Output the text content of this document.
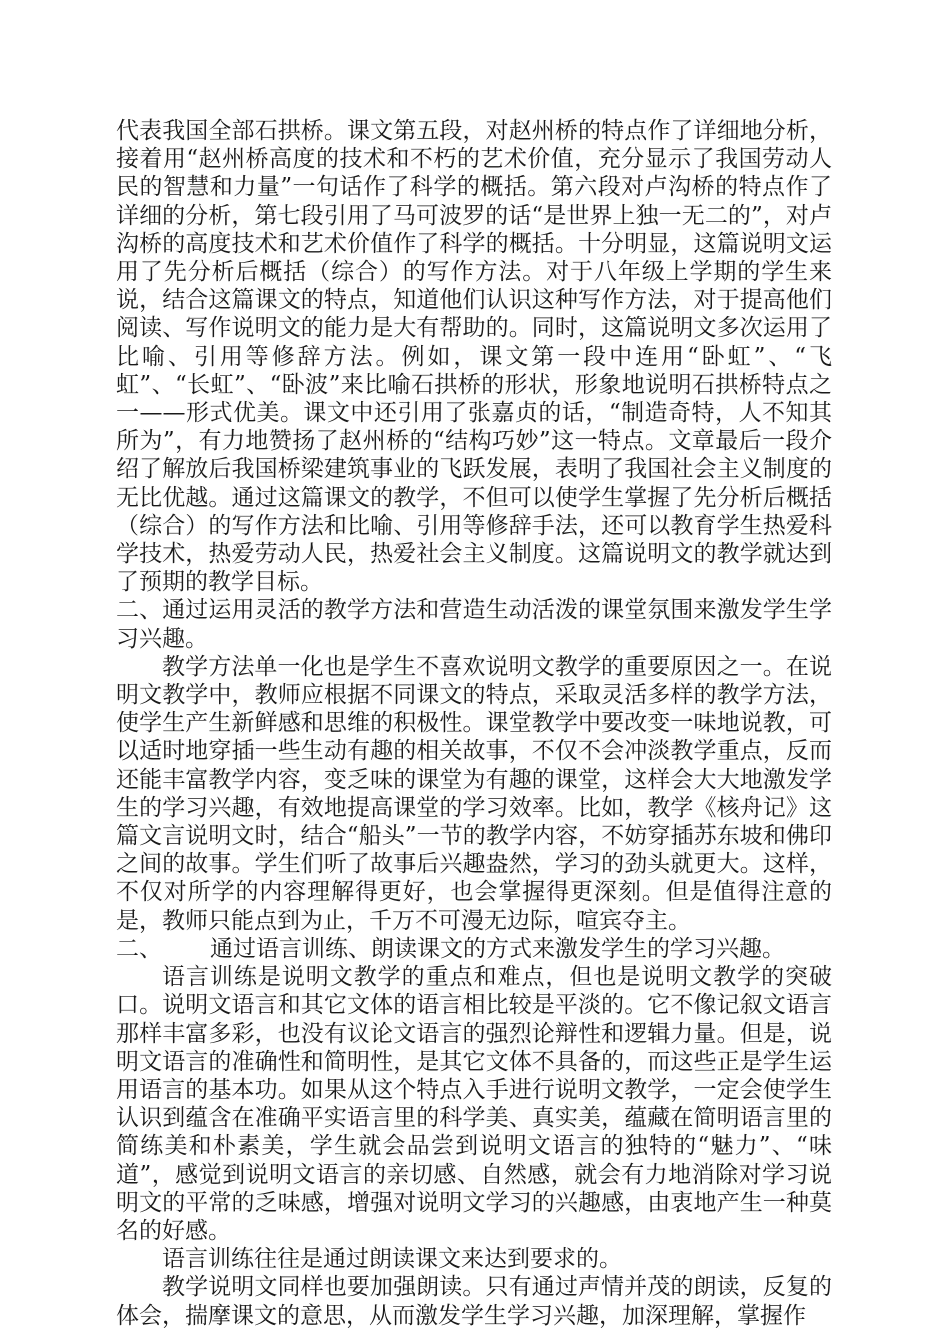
代表我国全部石拱桥。课文第五段，对赵州桥的特点作了详细地分析，接着用“赵州桥高度的技术和不朽的艺术价值，充分显示了我国劳动人民的智慧和力量”一句话作了科学的概括。第六段对卢沟桥的特点作了详细的分析，第七段引用了马可波罗的话“是世界上独一无二的”，对卢沟桥的高度技术和艺术价值作了科学的概括。十分明显，这篇说明文运用了先分析后概括（综合）的写作方法。对于八年级上学期的学生来说，结合这篇课文的特点，知道他们认识这种写作方法，对于提高他们阅读、写作说明文的能力是大有帮助的。同时，这篇说明文多次运用了比喻、引用等修辞方法。例如，课文第一段中连用“卧虹”、“飞虹”、“长虹”、“卧波”来比喻石拱桥的形状，形象地说明石拱桥特点之一——形式优美。课文中还引用了张嘉贞的话，“制造奇特，人不知其所为”，有力地赞扬了赵州桥的“结构巧妙”这一特点。文章最后一段介绍了解放后我国桥梁建筑事业的飞跃发展，表明了我国社会主义制度的无比优越。通过这篇课文的教学，不但可以使学生掌握了先分析后概括（综合）的写作方法和比喻、引用等修辞手法，还可以教育学生热爱科学技术，热爱劳动人民，热爱社会主义制度。这篇说明文的教学就达到了预期的教学目标。

二、通过运用灵活的教学方法和营造生动活泼的课堂氛围来激发学生学习兴趣。

教学方法单一化也是学生不喜欢说明文教学的重要原因之一。在说明文教学中，教师应根据不同课文的特点，采取灵活多样的教学方法，使学生产生新鲜感和思维的积极性。课堂教学中要改变一味地说教，可以适时地穿插一些生动有趣的相关故事，不仅不会冲淡教学重点，反而还能丰富教学内容，变乏味的课堂为有趣的课堂，这样会大大地激发学生的学习兴趣，有效地提高课堂的学习效率。比如，教学《核舟记》这篇文言说明文时，结合“船头”一节的教学内容，不妨穿插苏东坡和佛印之间的故事。学生们听了故事后兴趣盎然，学习的劲头就更大。这样，不仅对所学的内容理解得更好，也会掌握得更深刻。但是值得注意的是，教师只能点到为止，千万不可漫无边际，喧宾夺主。

二、 通过语言训练、朗读课文的方式来激发学生的学习兴趣。

语言训练是说明文教学的重点和难点，但也是说明文教学的突破口。说明文语言和其它文体的语言相比较是平淡的。它不像记叙文语言那样丰富多彩，也没有议论文语言的强烈论辩性和逻辑力量。但是，说明文语言的准确性和简明性，是其它文体不具备的，而这些正是学生运用语言的基本功。如果从这个特点入手进行说明文教学，一定会使学生认识到蕴含在准确平实语言里的科学美、真实美，蕴藏在简明语言里的简练美和朴素美，学生就会品尝到说明文语言的独特的“魅力”、“味道”，感觉到说明文语言的亲切感、自然感，就会有力地消除对学习说明文的平常的乏味感，增强对说明文学习的兴趣感，由衷地产生一种莫名的好感。

语言训练往往是通过朗读课文来达到要求的。

教学说明文同样也要加强朗读。只有通过声情并茂的朗读，反复的体会，揣摩课文的意思，从而激发学生学习兴趣，加深理解，掌握作
